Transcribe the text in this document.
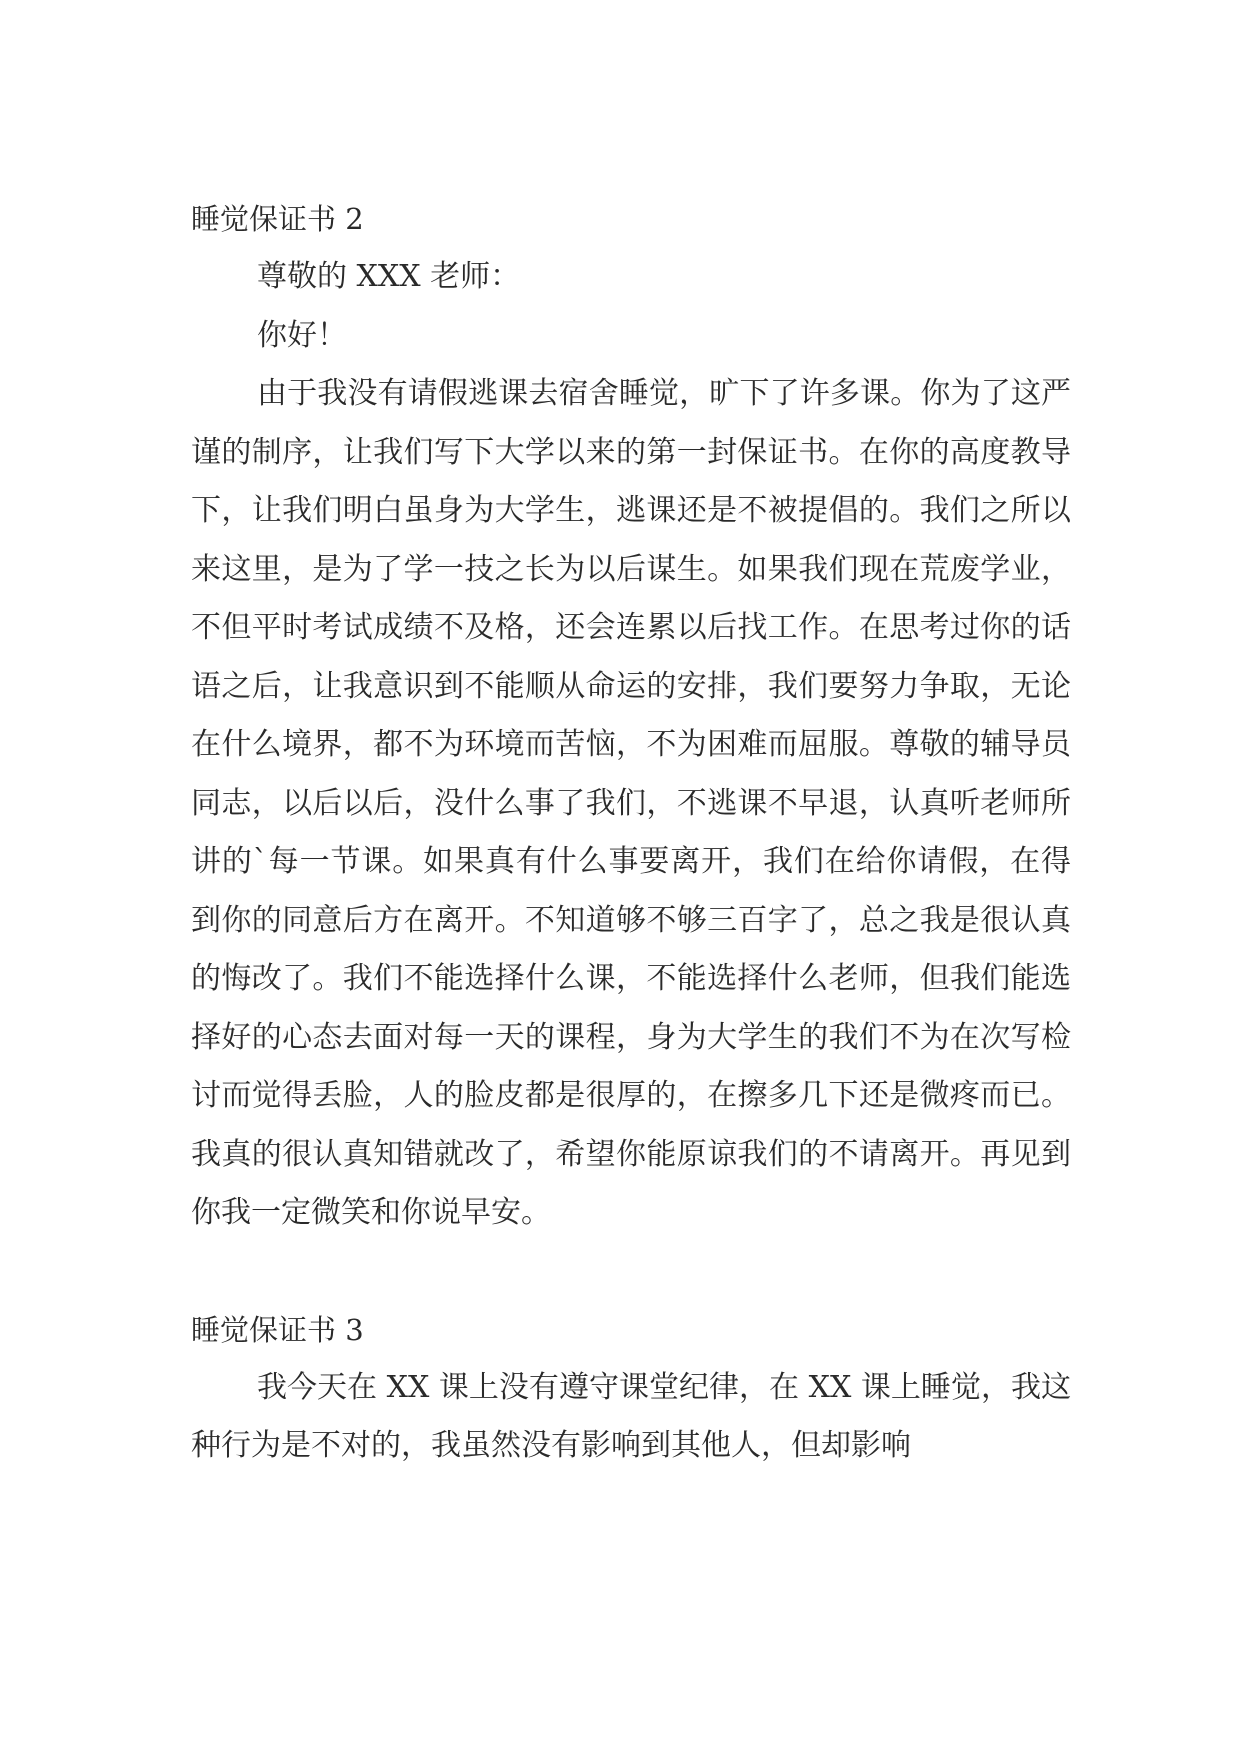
睡觉保证书 2

尊敬的 XXX 老师：

你好！

由于我没有请假逃课去宿舍睡觉，旷下了许多课。你为了这严谨的制序，让我们写下大学以来的第一封保证书。在你的高度教导下，让我们明白虽身为大学生，逃课还是不被提倡的。我们之所以来这里，是为了学一技之长为以后谋生。如果我们现在荒废学业，不但平时考试成绩不及格，还会连累以后找工作。在思考过你的话语之后，让我意识到不能顺从命运的安排，我们要努力争取，无论在什么境界，都不为环境而苦恼，不为困难而屈服。尊敬的辅导员同志，以后以后，没什么事了我们，不逃课不早退，认真听老师所讲的`每一节课。如果真有什么事要离开，我们在给你请假，在得到你的同意后方在离开。不知道够不够三百字了，总之我是很认真的悔改了。我们不能选择什么课，不能选择什么老师，但我们能选择好的心态去面对每一天的课程，身为大学生的我们不为在次写检讨而觉得丢脸，人的脸皮都是很厚的，在擦多几下还是微疼而已。我真的很认真知错就改了，希望你能原谅我们的不请离开。再见到你我一定微笑和你说早安。

睡觉保证书 3

我今天在 XX 课上没有遵守课堂纪律，在 XX 课上睡觉，我这种行为是不对的，我虽然没有影响到其他人，但却影响
